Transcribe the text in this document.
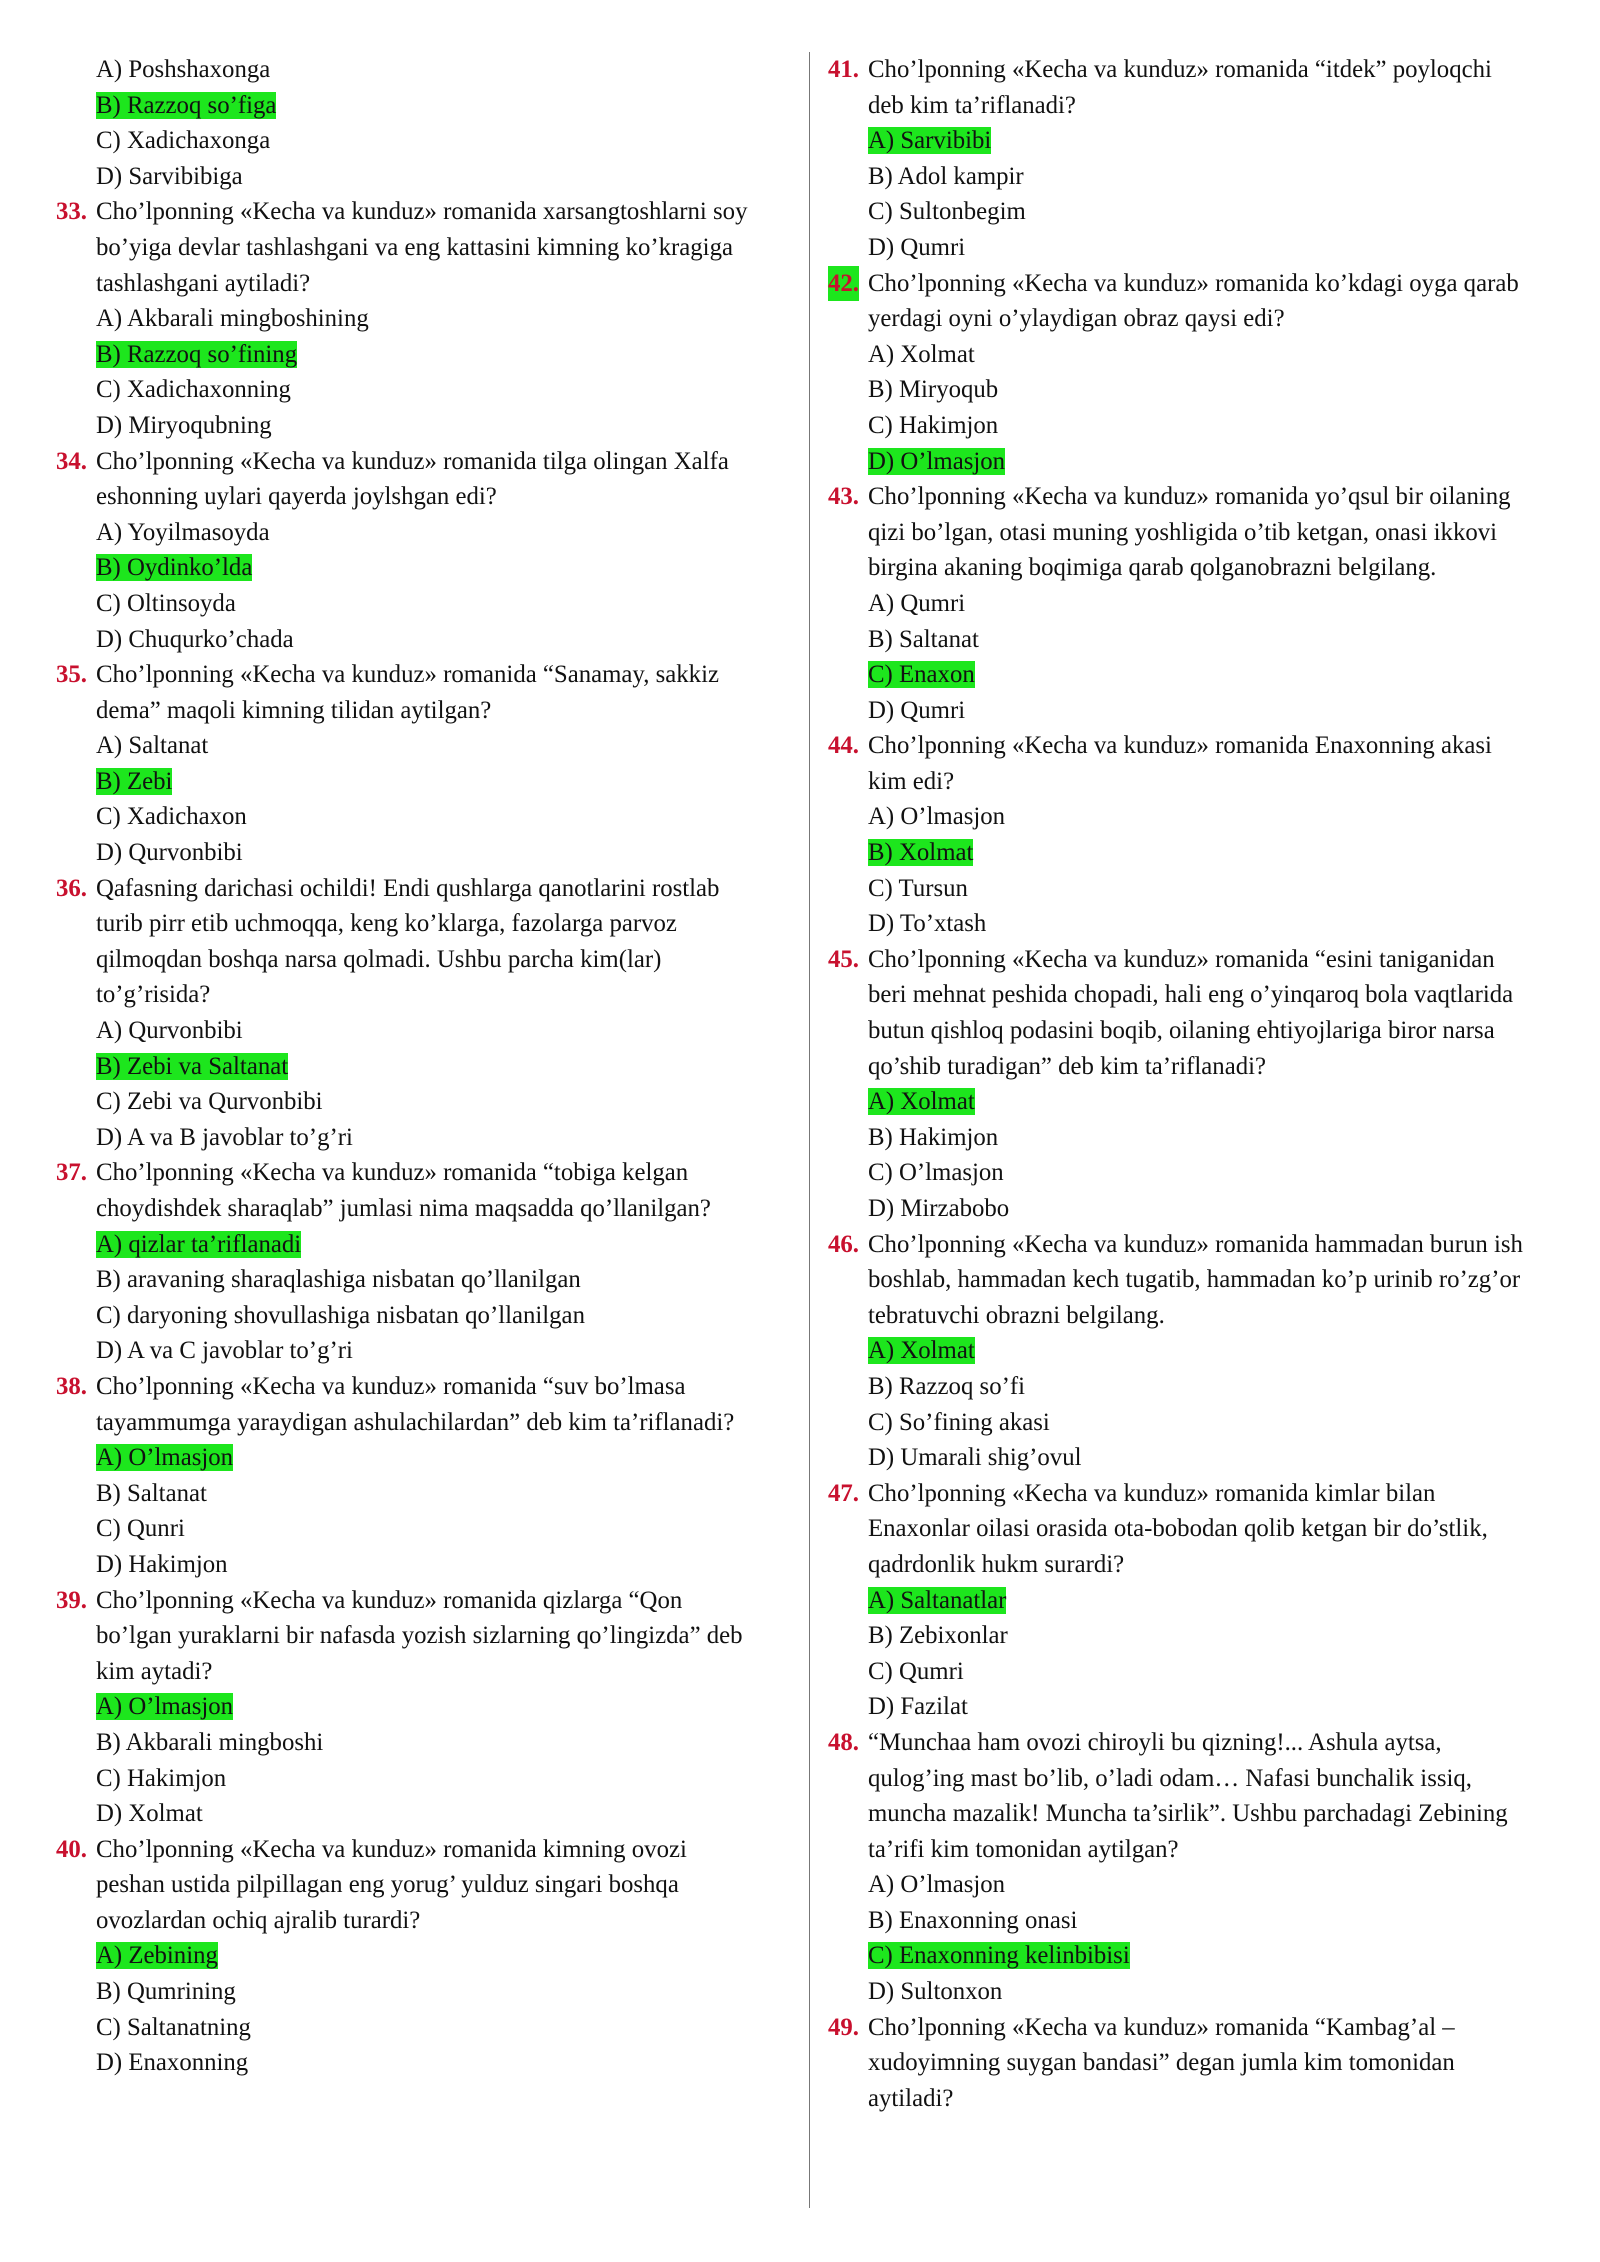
A) Poshshaxonga
B) Razzoq so’figa
C) Xadichaxonga
D) Sarvibibiga
33. Cho’lponning «Kecha va kunduz» romanida xarsangtoshlarni soy bo’yiga devlar tashlashgani va eng kattasini kimning ko’kragiga tashlashgani aytiladi?
A) Akbarali mingboshining
B) Razzoq so’fining
C) Xadichaxonning
D) Miryoqubning
34. Cho’lponning «Kecha va kunduz» romanida tilga olingan Xalfa eshonning uylari qayerda joylshgan edi?
A) Yoyilmasoyda
B) Oydinko’lda
C) Oltinsoyda
D) Chuqurko’chada
35. Cho’lponning «Kecha va kunduz» romanida “Sanamay, sakkiz dema” maqoli kimning tilidan aytilgan?
A) Saltanat
B) Zebi
C) Xadichaxon
D) Qurvonbibi
36. Qafasning darichasi ochildi! Endi qushlarga qanotlarini rostlab turib pirr etib uchmoqqa, keng ko’klarga, fazolarga parvoz qilmoqdan boshqa narsa qolmadi. Ushbu parcha kim(lar) to’g’risida?
A) Qurvonbibi
B) Zebi va Saltanat
C) Zebi va Qurvonbibi
D) A va B javoblar to’g’ri
37. Cho’lponning «Kecha va kunduz» romanida “tobiga kelgan choydishdek sharaqlab” jumlasi nima maqsadda qo’llanilgan?
A) qizlar ta’riflanadi
B) aravaning sharaqlashiga nisbatan qo’llanilgan
C) daryoning shovullashiga nisbatan qo’llanilgan
D) A va C javoblar to’g’ri
38. Cho’lponning «Kecha va kunduz» romanida “suv bo’lmasa tayammumga yaraydigan ashulachilardan” deb kim ta’riflanadi?
A) O’lmasjon
B) Saltanat
C) Qunri
D) Hakimjon
39. Cho’lponning «Kecha va kunduz» romanida qizlarga “Qon bo’lgan yuraklarni bir nafasda yozish sizlarning qo’lingizda” deb kim aytadi?
A) O’lmasjon
B) Akbarali mingboshi
C) Hakimjon
D) Xolmat
40. Cho’lponning «Kecha va kunduz» romanida kimning ovozi peshan ustida pilpillagan eng yorug’ yulduz singari boshqa ovozlardan ochiq ajralib turardi?
A) Zebining
B) Qumrining
C) Saltanatning
D) Enaxonning
41. Cho’lponning «Kecha va kunduz» romanida “itdek” poyloqchi deb kim ta’riflanadi?
A) Sarvibibi
B) Adol kampir
C) Sultonbegim
D) Qumri
42. Cho’lponning «Kecha va kunduz» romanida ko’kdagi oyga qarab yerdagi oyni o’ylaydigan obraz qaysi edi?
A) Xolmat
B) Miryoqub
C) Hakimjon
D) O’lmasjon
43. Cho’lponning «Kecha va kunduz» romanida yo’qsul bir oilaning qizi bo’lgan, otasi muning yoshligida o’tib ketgan, onasi ikkovi birgina akaning boqimiga qarab qolganobrazni belgilang.
A) Qumri
B) Saltanat
C) Enaxon
D) Qumri
44. Cho’lponning «Kecha va kunduz» romanida Enaxonning akasi kim edi?
A) O’lmasjon
B) Xolmat
C) Tursun
D) To’xtash
45. Cho’lponning «Kecha va kunduz» romanida “esini taniganidan beri mehnat peshida chopadi, hali eng o’yinqaroq bola vaqtlarida butun qishloq podasini boqib, oilaning ehtiyojlariga biror narsa qo’shib turadigan” deb kim ta’riflanadi?
A) Xolmat
B) Hakimjon
C) O’lmasjon
D) Mirzabobo
46. Cho’lponning «Kecha va kunduz» romanida hammadan burun ish boshlab, hammadan kech tugatib, hammadan ko’p urinib ro’zg’or tebratuvchi obrazni belgilang.
A) Xolmat
B) Razzoq so’fi
C) So’fining akasi
D) Umarali shig’ovul
47. Cho’lponning «Kecha va kunduz» romanida kimlar bilan Enaxonlar oilasi orasida ota-bobodan qolib ketgan bir do’stlik, qadrdonlik hukm surardi?
A) Saltanatlar
B) Zebixonlar
C) Qumri
D) Fazilat
48. “Munchaa ham ovozi chiroyli bu qizning!... Ashula aytsa, qulog’ing mast bo’lib, o’ladi odam… Nafasi bunchalik issiq, muncha mazalik! Muncha ta’sirlik”. Ushbu parchadagi Zebining ta’rifi kim tomonidan aytilgan?
A) O’lmasjon
B) Enaxonning onasi
C) Enaxonning kelinbibisi
D) Sultonxon
49. Cho’lponning «Kecha va kunduz» romanida “Kambag’al – xudoyimning suygan bandasi” degan jumla kim tomonidan aytiladi?
